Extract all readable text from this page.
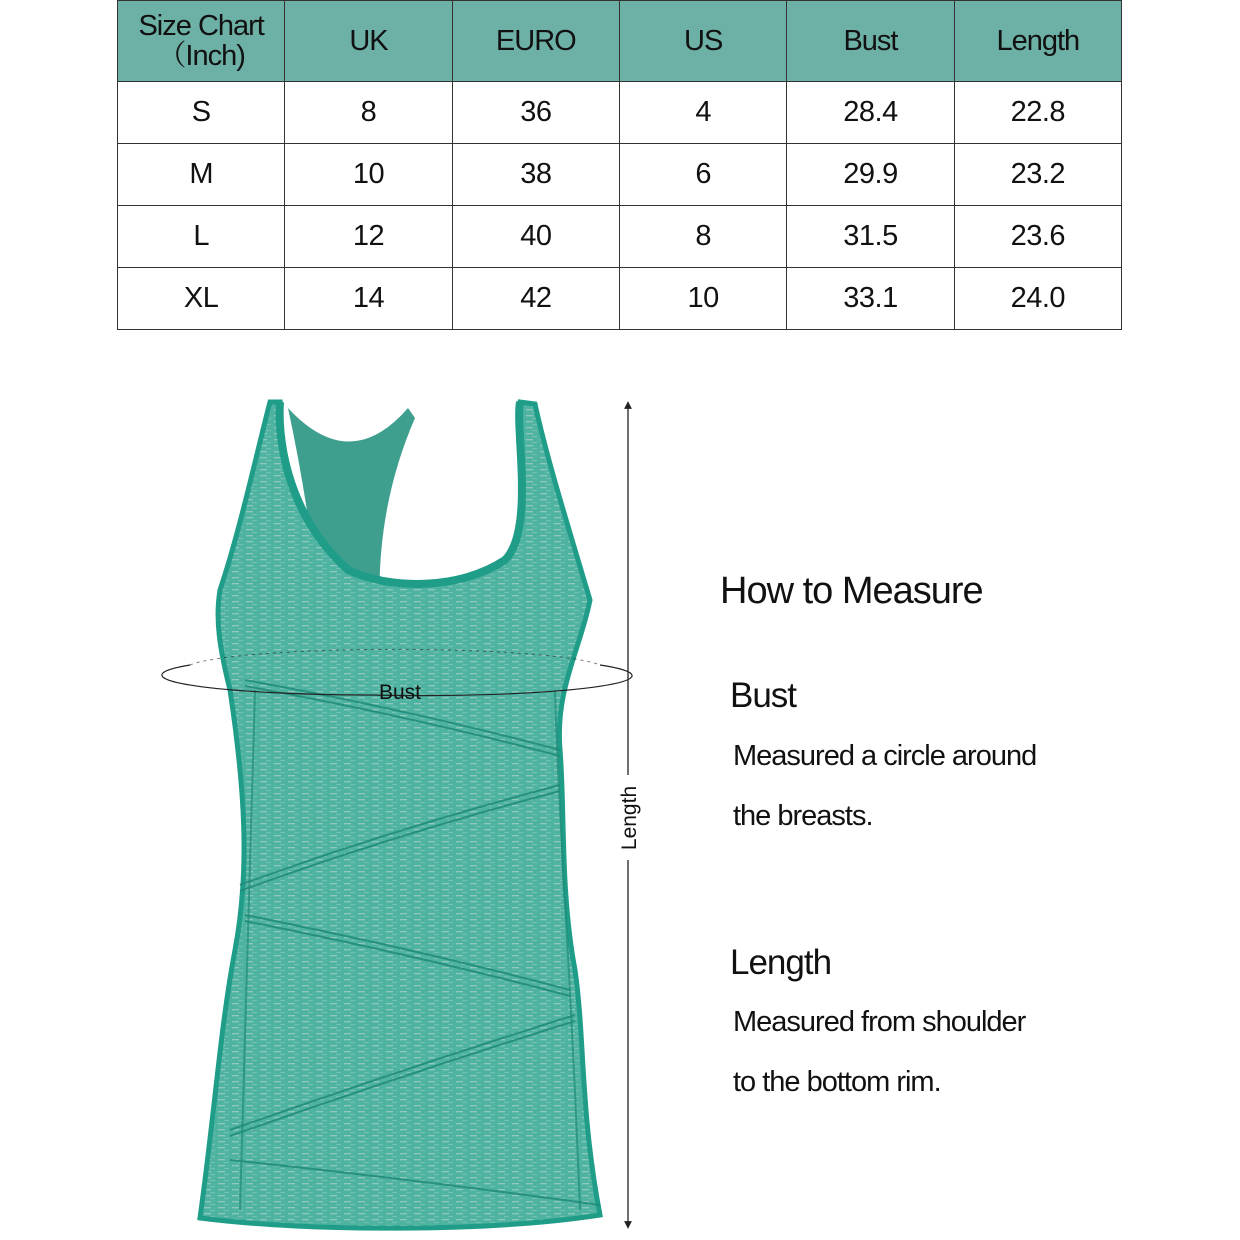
Size Chart
（Inch)	UK	EURO	US	Bust	Length
S	8	36	4	28.4	22.8
M	10	38	6	29.9	23.2
L	12	40	8	31.5	23.6
XL	14	42	10	33.1	24.0
Bust
Length
How to Measure
Bust
Measured a circle around
the breasts.
Length
Measured from shoulder
to the bottom rim.
